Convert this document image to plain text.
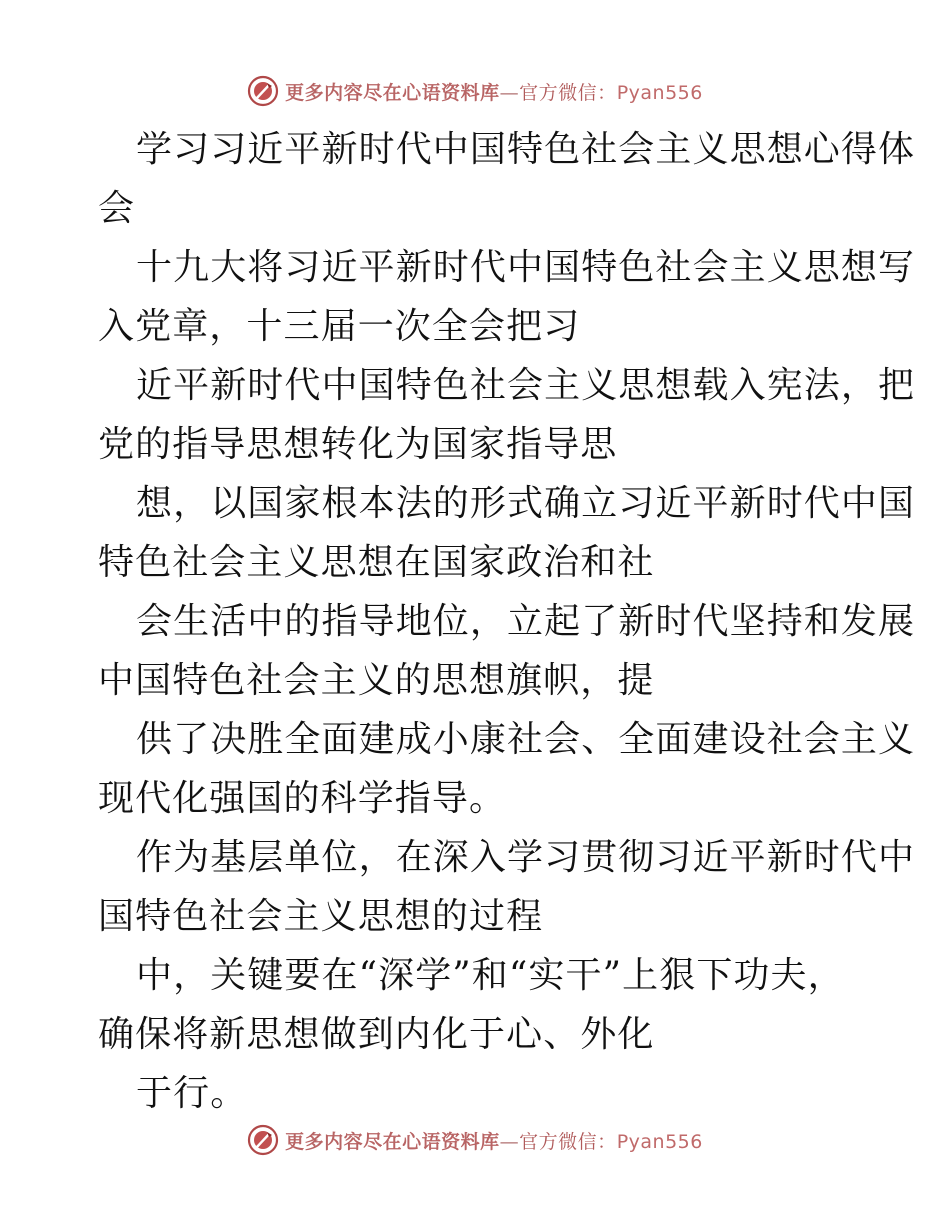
更多内容尽在心语资料库—官方微信：Pyan556

学习习近平新时代中国特色社会主义思想心得体
会

十九大将习近平新时代中国特色社会主义思想写
入党章，十三届一次全会把习

近平新时代中国特色社会主义思想载入宪法，把
党的指导思想转化为国家指导思

想，以国家根本法的形式确立习近平新时代中国
特色社会主义思想在国家政治和社

会生活中的指导地位，立起了新时代坚持和发展
中国特色社会主义的思想旗帜，提

供了决胜全面建成小康社会、全面建设社会主义
现代化强国的科学指导。

作为基层单位，在深入学习贯彻习近平新时代中
国特色社会主义思想的过程

中，关键要在“深学”和“实干”上狠下功夫，
确保将新思想做到内化于心、外化

于行。

更多内容尽在心语资料库—官方微信：Pyan556
